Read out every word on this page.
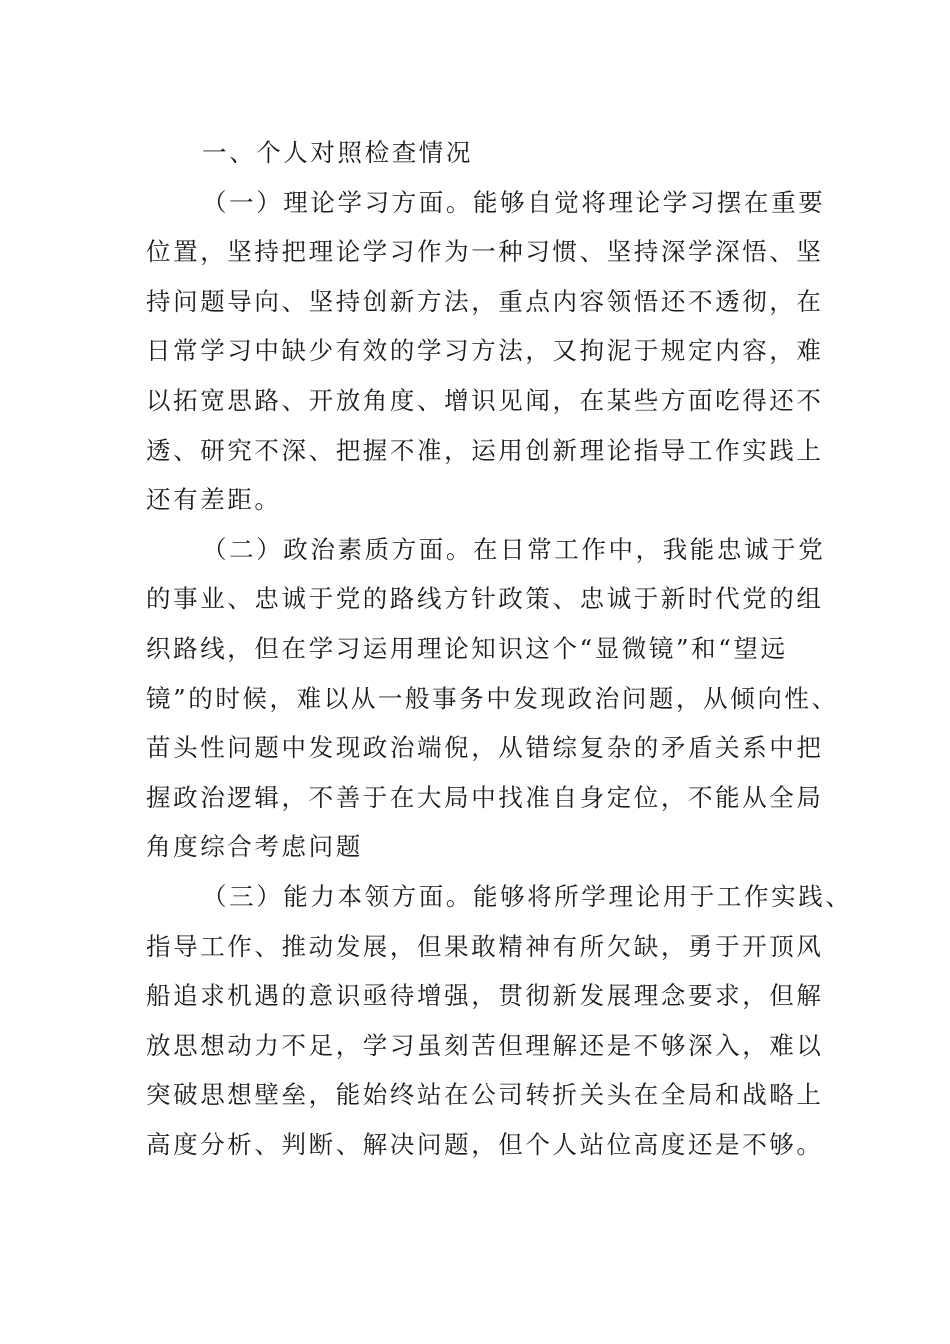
一、个人对照检查情况
（一）理论学习方面。能够自觉将理论学习摆在重要
位置，坚持把理论学习作为一种习惯、坚持深学深悟、坚
持问题导向、坚持创新方法，重点内容领悟还不透彻，在
日常学习中缺少有效的学习方法，又拘泥于规定内容，难
以拓宽思路、开放角度、增识见闻，在某些方面吃得还不
透、研究不深、把握不准，运用创新理论指导工作实践上
还有差距。
（二）政治素质方面。在日常工作中，我能忠诚于党
的事业、忠诚于党的路线方针政策、忠诚于新时代党的组
织路线，但在学习运用理论知识这个“显微镜”和“望远
镜”的时候，难以从一般事务中发现政治问题，从倾向性、
苗头性问题中发现政治端倪，从错综复杂的矛盾关系中把
握政治逻辑，不善于在大局中找准自身定位，不能从全局
角度综合考虑问题
（三）能力本领方面。能够将所学理论用于工作实践、
指导工作、推动发展，但果敢精神有所欠缺，勇于开顶风
船追求机遇的意识亟待增强，贯彻新发展理念要求，但解
放思想动力不足，学习虽刻苦但理解还是不够深入，难以
突破思想壁垒，能始终站在公司转折关头在全局和战略上
高度分析、判断、解决问题，但个人站位高度还是不够。
